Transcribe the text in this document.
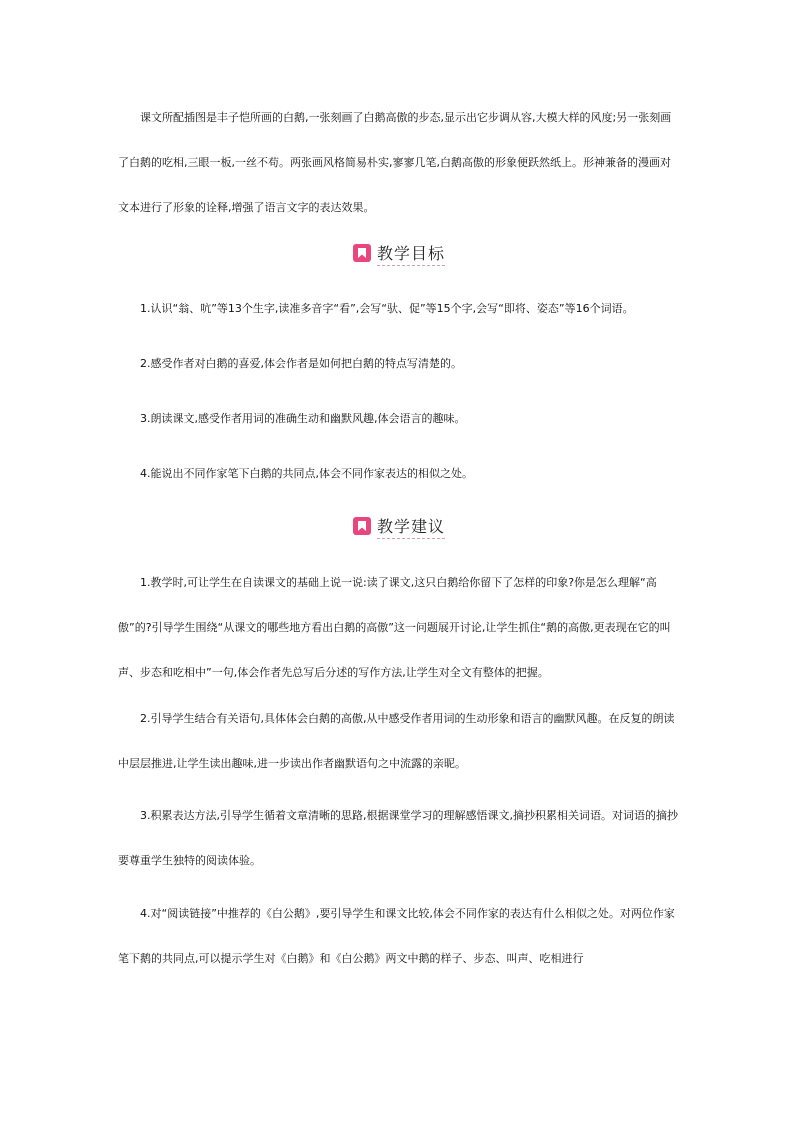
　　课文所配插图是丰子恺所画的白鹅,一张刻画了白鹅高傲的步态,显示出它步调从容,大模大样的风度;另一张刻画了白鹅的吃相,三眼一板,一丝不苟。两张画风格简易朴实,寥寥几笔,白鹅高傲的形象便跃然纸上。形神兼备的漫画对文本进行了形象的诠释,增强了语言文字的表达效果。

教学目标

　　1.认识“翁、吭”等13个生字,读准多音字“看”,会写“驮、促”等15个字,会写“即将、姿态”等16个词语。

　　2.感受作者对白鹅的喜爱,体会作者是如何把白鹅的特点写清楚的。

　　3.朗读课文,感受作者用词的准确生动和幽默风趣,体会语言的趣味。

　　4.能说出不同作家笔下白鹅的共同点,体会不同作家表达的相似之处。

教学建议

　　1.教学时,可让学生在自读课文的基础上说一说:读了课文,这只白鹅给你留下了怎样的印象?你是怎么理解“高傲”的?引导学生围绕“从课文的哪些地方看出白鹅的高傲”这一问题展开讨论,让学生抓住“鹅的高傲,更表现在它的叫声、步态和吃相中”一句,体会作者先总写后分述的写作方法,让学生对全文有整体的把握。

　　2.引导学生结合有关语句,具体体会白鹅的高傲,从中感受作者用词的生动形象和语言的幽默风趣。在反复的朗读中层层推进,让学生读出趣味,进一步读出作者幽默语句之中流露的亲昵。

　　3.积累表达方法,引导学生循着文章清晰的思路,根据课堂学习的理解感悟课文,摘抄积累相关词语。对词语的摘抄要尊重学生独特的阅读体验。

　　4.对“阅读链接”中推荐的《白公鹅》,要引导学生和课文比较,体会不同作家的表达有什么相似之处。对两位作家笔下鹅的共同点,可以提示学生对《白鹅》和《白公鹅》两文中鹅的样子、步态、叫声、吃相进行
